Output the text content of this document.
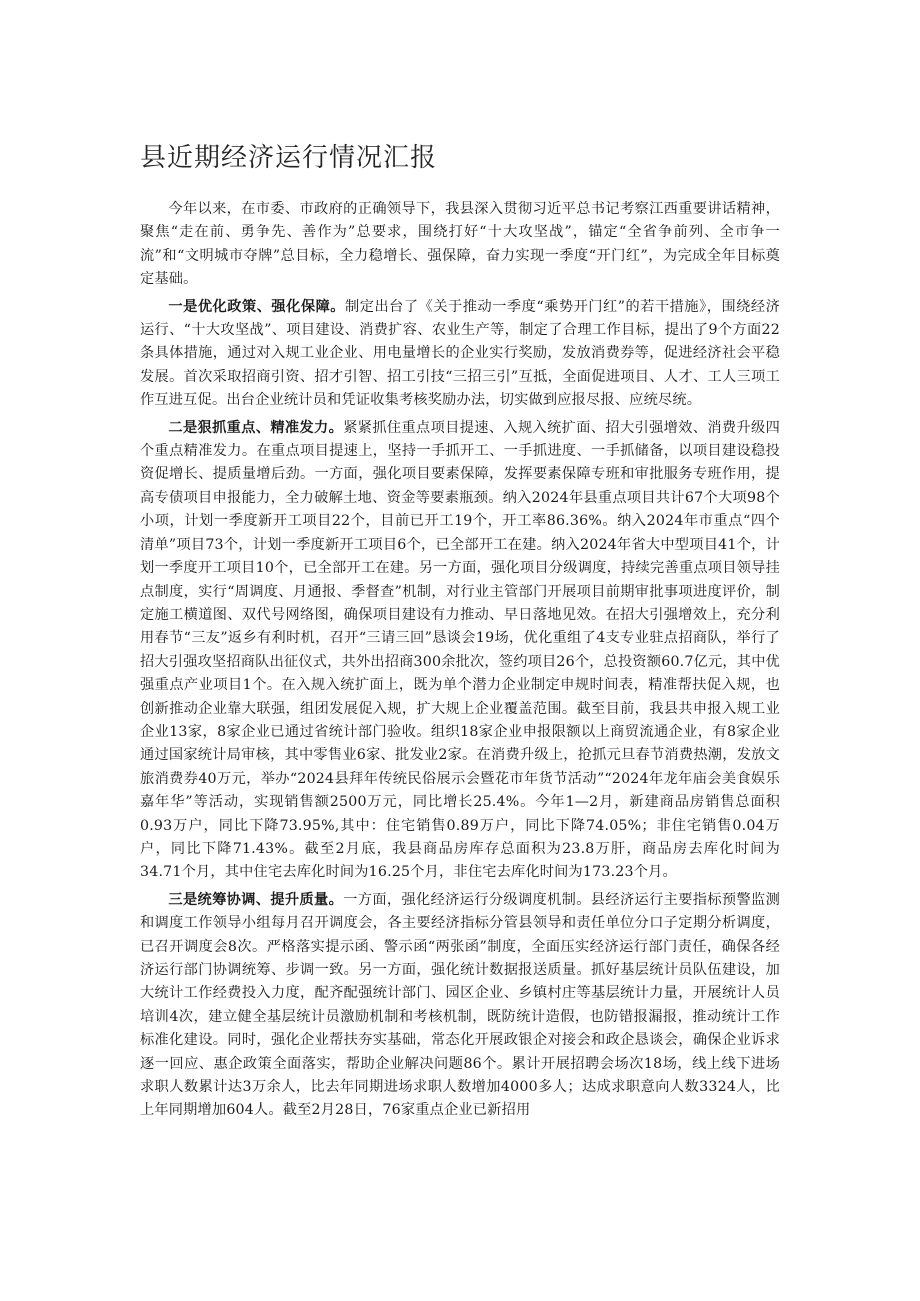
县近期经济运行情况汇报

今年以来，在市委、市政府的正确领导下，我县深入贯彻习近平总书记考察江西重要讲话精神，聚焦“走在前、勇争先、善作为”总要求，围绕打好“十大攻坚战”，锚定“全省争前列、全市争一流”和“文明城市夺牌”总目标，全力稳增长、强保障，奋力实现一季度“开门红”，为完成全年目标奠定基础。

一是优化政策、强化保障。制定出台了《关于推动一季度“乘势开门红”的若干措施》，围绕经济运行、“十大攻坚战”、项目建设、消费扩容、农业生产等，制定了合理工作目标，提出了9个方面22条具体措施，通过对入规工业企业、用电量增长的企业实行奖励，发放消费券等，促进经济社会平稳发展。首次采取招商引资、招才引智、招工引技“三招三引”互抵，全面促进项目、人才、工人三项工作互进互促。出台企业统计员和凭证收集考核奖励办法，切实做到应报尽报、应统尽统。

二是狠抓重点、精准发力。紧紧抓住重点项目提速、入规入统扩面、招大引强增效、消费升级四个重点精准发力。在重点项目提速上，坚持一手抓开工、一手抓进度、一手抓储备，以项目建设稳投资促增长、提质量增后劲。一方面，强化项目要素保障，发挥要素保障专班和审批服务专班作用，提高专债项目申报能力，全力破解土地、资金等要素瓶颈。纳入2024年县重点项目共计67个大项98个小项，计划一季度新开工项目22个，目前已开工19个，开工率86.36%。纳入2024年市重点“四个清单”项目73个，计划一季度新开工项目6个，已全部开工在建。纳入2024年省大中型项目41个，计划一季度开工项目10个，已全部开工在建。另一方面，强化项目分级调度，持续完善重点项目领导挂点制度，实行“周调度、月通报、季督查”机制，对行业主管部门开展项目前期审批事项进度评价，制定施工横道图、双代号网络图，确保项目建设有力推动、早日落地见效。在招大引强增效上，充分利用春节“三友”返乡有利时机，召开“三请三回”恳谈会19场，优化重组了4支专业驻点招商队，举行了招大引强攻坚招商队出征仪式，共外出招商300余批次，签约项目26个，总投资额60.7亿元，其中优强重点产业项目1个。在入规入统扩面上，既为单个潜力企业制定申规时间表，精准帮扶促入规，也创新推动企业靠大联强，组团发展促入规，扩大规上企业覆盖范围。截至目前，我县共申报入规工业企业13家，8家企业已通过省统计部门验收。组织18家企业申报限额以上商贸流通企业，有8家企业通过国家统计局审核，其中零售业6家、批发业2家。在消费升级上，抢抓元旦春节消费热潮，发放文旅消费券40万元，举办“2024县拜年传统民俗展示会暨花市年货节活动”“2024年龙年庙会美食娱乐嘉年华”等活动，实现销售额2500万元，同比增长25.4%。今年1—2月，新建商品房销售总面积0.93万户，同比下降73.95%,其中：住宅销售0.89万户，同比下降74.05%；非住宅销售0.04万户，同比下降71.43%。截至2月底，我县商品房库存总面积为23.8万肝，商品房去库化时间为34.71个月，其中住宅去库化时间为16.25个月，非住宅去库化时间为173.23个月。

三是统筹协调、提升质量。一方面，强化经济运行分级调度机制。县经济运行主要指标预警监测和调度工作领导小组每月召开调度会，各主要经济指标分管县领导和责任单位分口子定期分析调度，已召开调度会8次。严格落实提示函、警示函“两张函”制度，全面压实经济运行部门责任，确保各经济运行部门协调统筹、步调一致。另一方面，强化统计数据报送质量。抓好基层统计员队伍建设，加大统计工作经费投入力度，配齐配强统计部门、园区企业、乡镇村庄等基层统计力量，开展统计人员培训4次，建立健全基层统计员激励机制和考核机制，既防统计造假，也防错报漏报，推动统计工作标准化建设。同时，强化企业帮扶夯实基础，常态化开展政银企对接会和政企恳谈会，确保企业诉求逐一回应、惠企政策全面落实，帮助企业解决问题86个。累计开展招聘会场次18场，线上线下进场求职人数累计达3万余人，比去年同期进场求职人数增加4000多人；达成求职意向人数3324人，比上年同期增加604人。截至2月28日，76家重点企业已新招用
